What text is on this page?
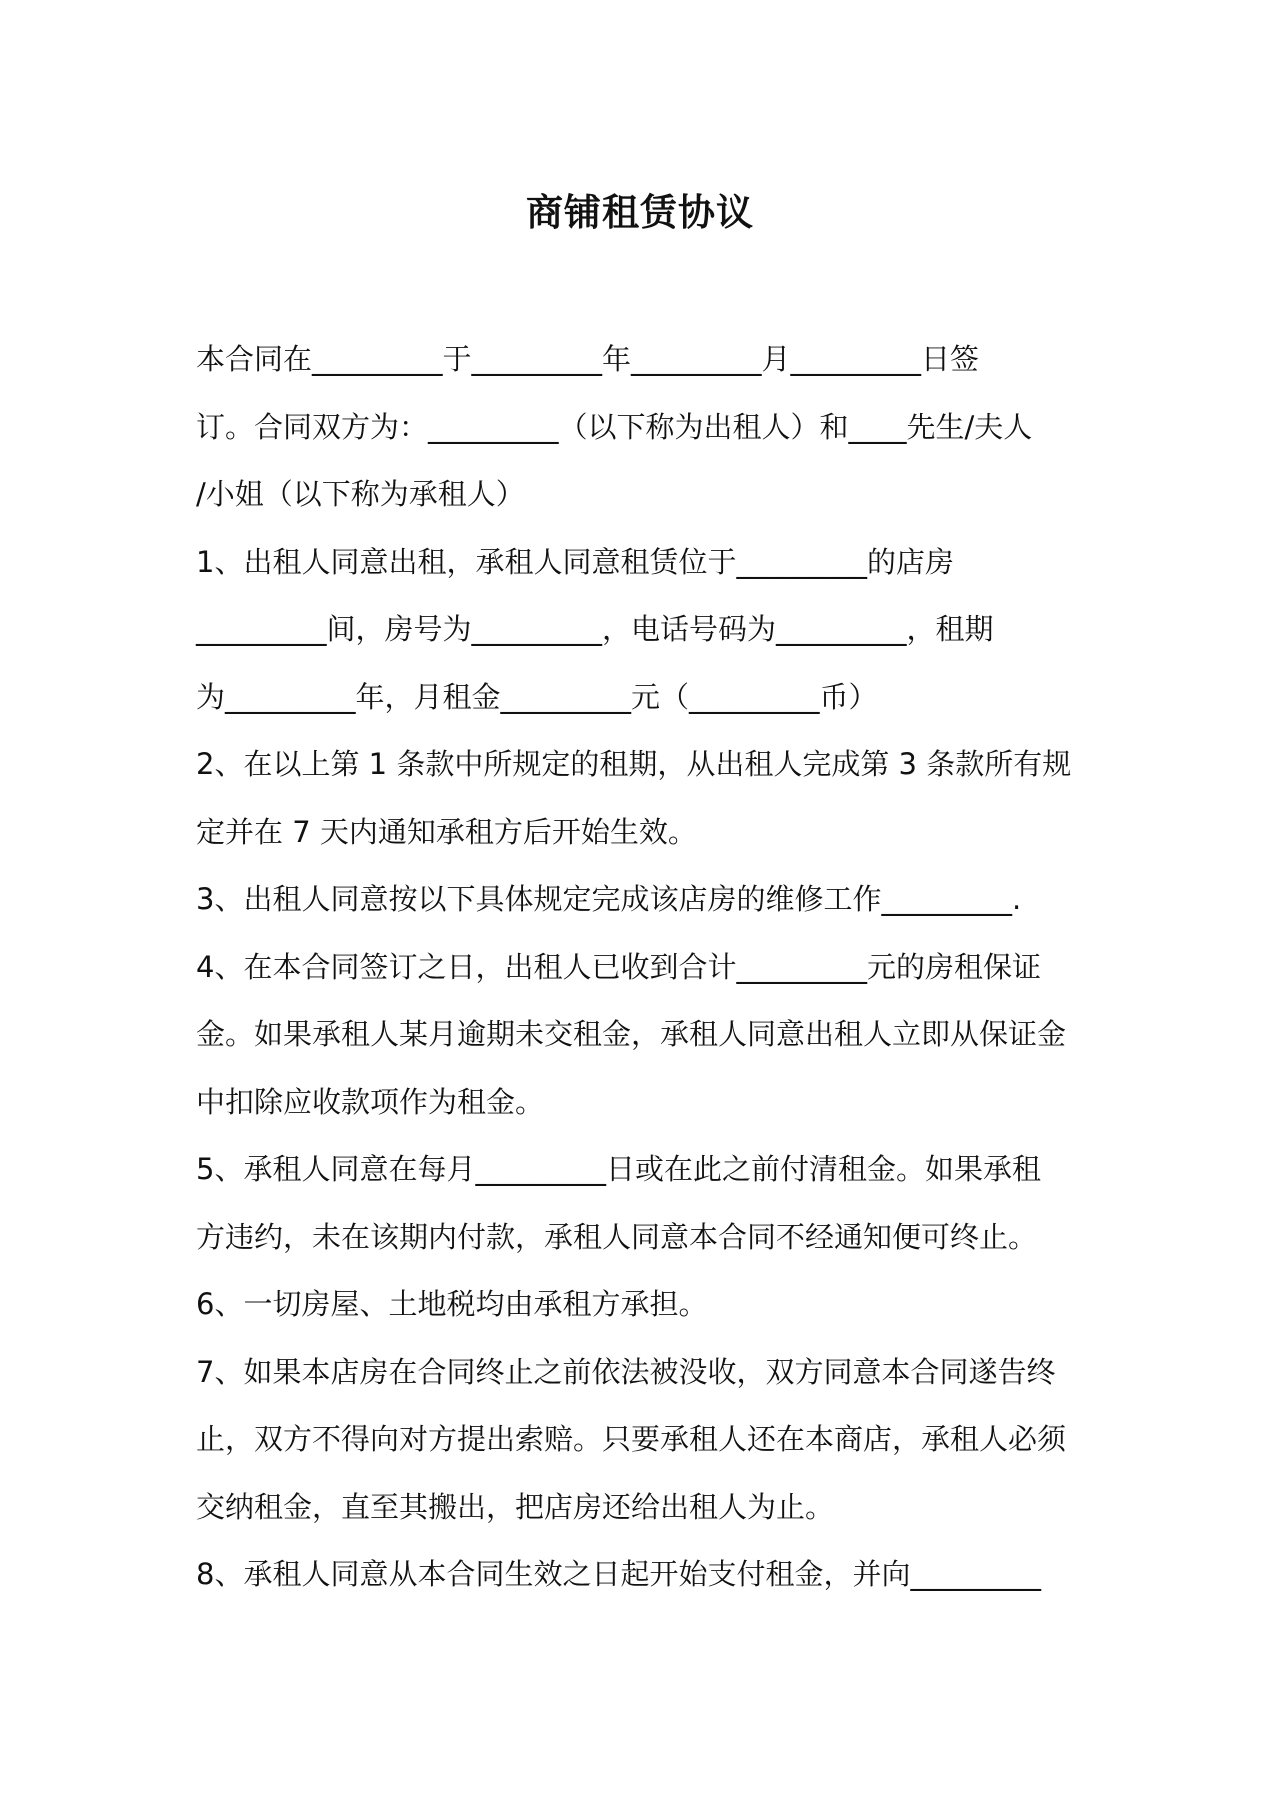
商铺租赁协议
本合同在_________于_________年_________月_________日签
订。合同双方为：_________（以下称为出租人）和____先生/夫人
/小姐（以下称为承租人）
1、出租人同意出租，承租人同意租赁位于_________的店房
_________间，房号为_________，电话号码为_________，租期
为_________年，月租金_________元（_________币）
2、在以上第 1 条款中所规定的租期，从出租人完成第 3 条款所有规
定并在 7 天内通知承租方后开始生效。
3、出租人同意按以下具体规定完成该店房的维修工作_________.
4、在本合同签订之日，出租人已收到合计_________元的房租保证
金。如果承租人某月逾期未交租金，承租人同意出租人立即从保证金
中扣除应收款项作为租金。
5、承租人同意在每月_________日或在此之前付清租金。如果承租
方违约，未在该期内付款，承租人同意本合同不经通知便可终止。
6、一切房屋、土地税均由承租方承担。
7、如果本店房在合同终止之前依法被没收，双方同意本合同遂告终
止，双方不得向对方提出索赔。只要承租人还在本商店，承租人必须
交纳租金，直至其搬出，把店房还给出租人为止。
8、承租人同意从本合同生效之日起开始支付租金，并向_________
